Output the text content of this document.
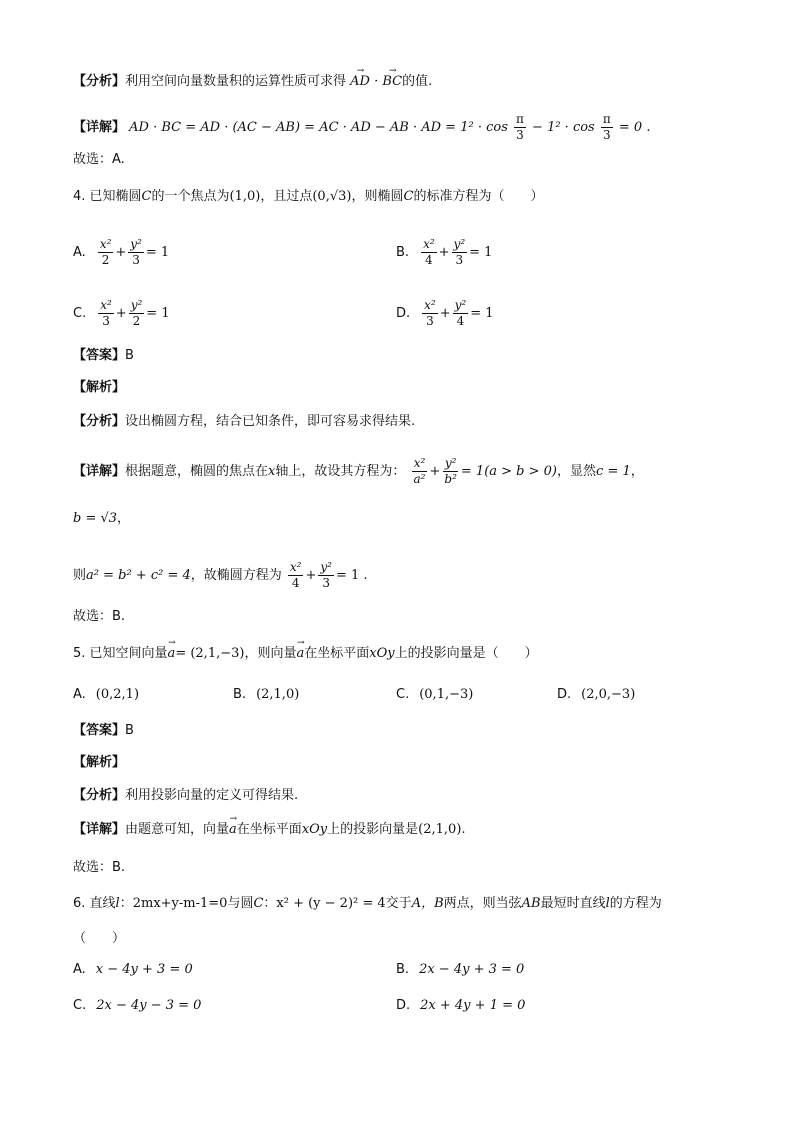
【分析】利用空间向量数量积的运算性质可求得 → AD · → BC的值.
【详解】 AD · BC = AD · (AC − AB) = AC · AD − AB · AD = $1^2 \cdot \cos \frac{\pi}{3} - 1^2 \cdot \cos \frac{\pi}{3} = 0$ .
故选：A.
4. 已知椭圆C的一个焦点为(1,0)，且过点(0,√3)，则椭圆C的标准方程为（　　）
A. $\frac{\text{x²}}{2} + \frac{\text{y²}}{3} = 1$	B. $\frac{\text{x²}}{4} + \frac{\text{y²}}{3} = 1$
C. $\frac{\text{x²}}{3} + \frac{\text{y²}}{2} = 1$	D. $\frac{\text{x²}}{3} + \frac{\text{y²}}{4} = 1$
【答案】B
【解析】
【分析】设出椭圆方程，结合已知条件，即可容易求得结果.
【详解】根据题意，椭圆的焦点在x轴上，故设其方程为： $\frac{\text{x²}}{\text{a²}} + \frac{\text{y²}}{\text{b²}} = 1(a > b > 0)$，显然c = 1，
b = √3，
则a² = b² + c² = 4，故椭圆方程为 $\frac{\text{x²}}{4} + \frac{\text{y²}}{3} = 1$ .
故选：B.
5. 已知空间向量→ a= (2,1,−3)，则向量→ a在坐标平面xOy上的投影向量是（　　）
A. (0,2,1)	B. (2,1,0)	C. (0,1,−3)	D. (2,0,−3)
【答案】B
【解析】
【分析】利用投影向量的定义可得结果.
【详解】由题意可知，向量→ a在坐标平面xOy上的投影向量是(2,1,0).
故选：B.
6. 直线l：2mx+y-m-1=0与圆C：x² + (y − 2)² = 4交于A，B两点，则当弦AB最短时直线l的方程为
（　　）
A. x − 4y + 3 = 0	B. 2x − 4y + 3 = 0
C. 2x − 4y − 3 = 0	D. 2x + 4y + 1 = 0
